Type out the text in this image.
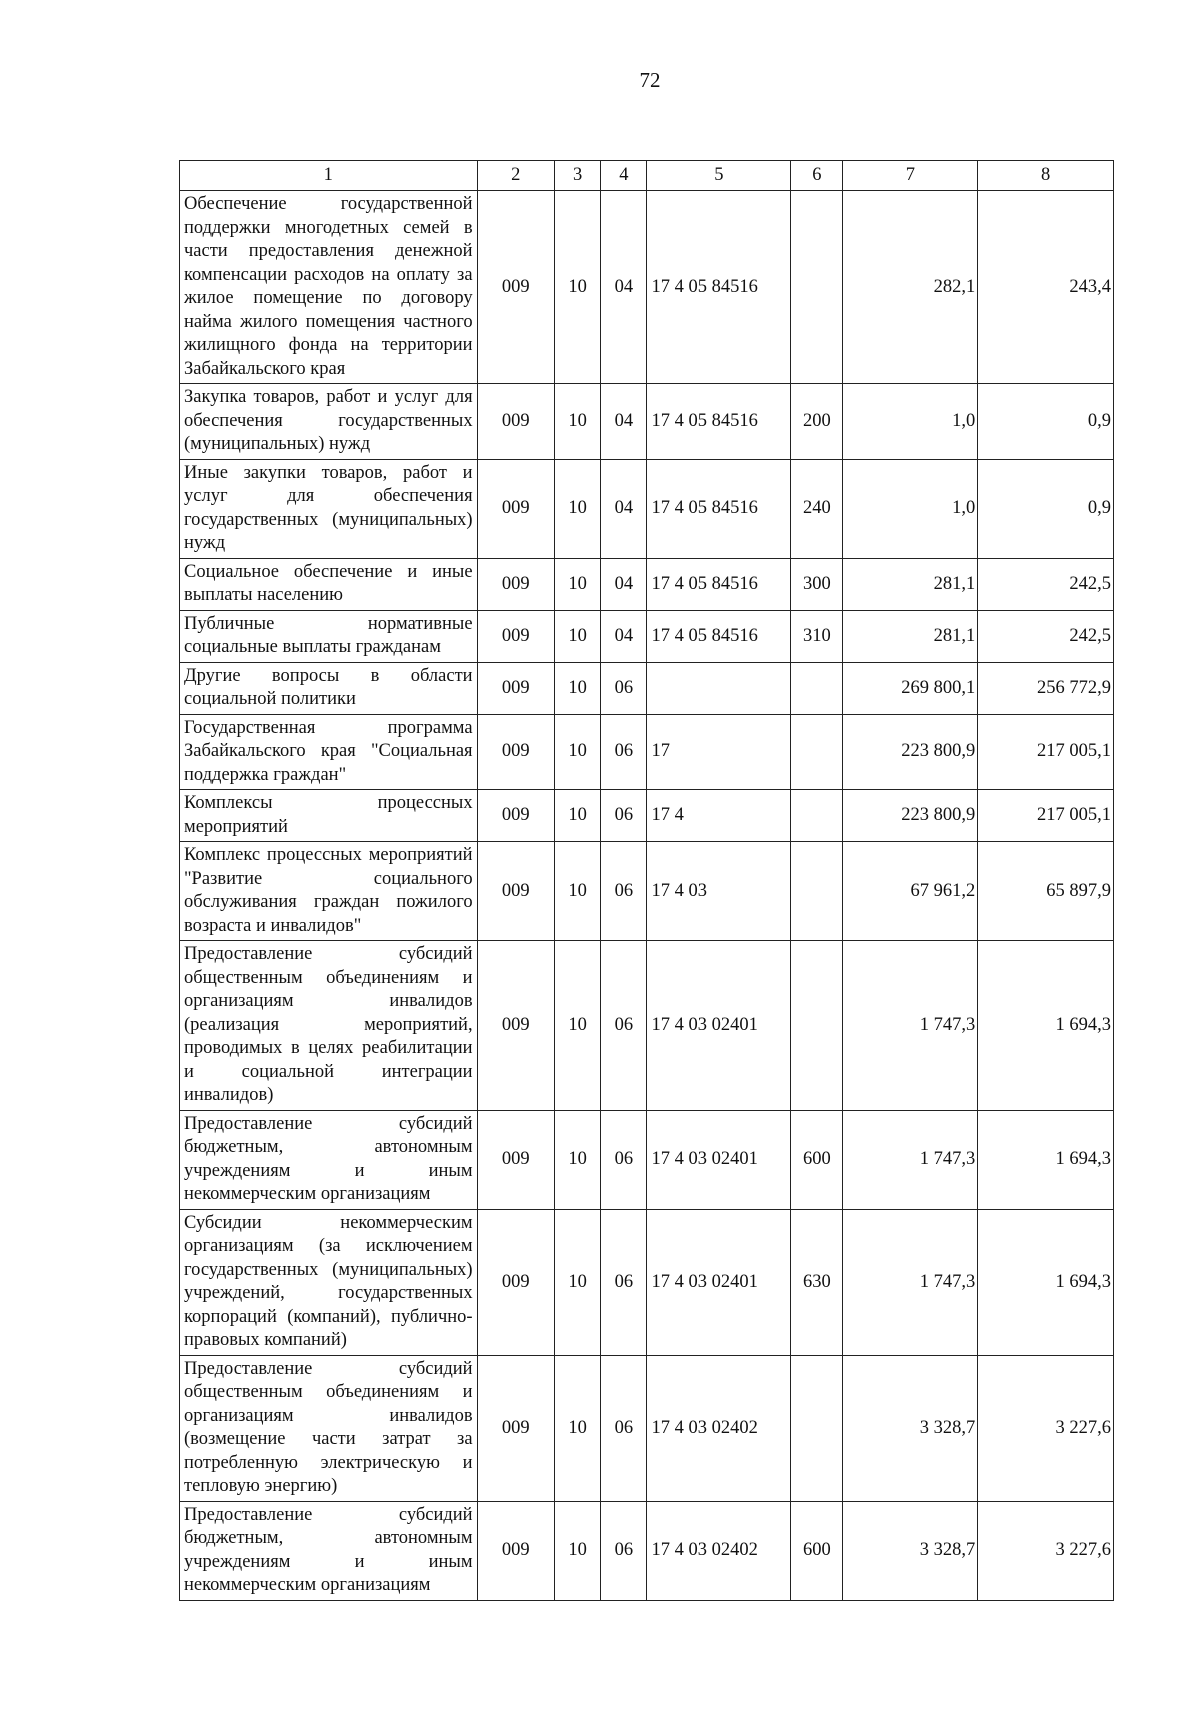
72
1	2	3	4	5	6	7	8
Обеспечение государственной поддержки многодетных семей в части предоставления денежной компенсации расходов на оплату за жилое помещение по договору найма жилого помещения частного жилищного фонда на территории Забайкальского края	009	10	04	17 4 05 84516		282,1	243,4
Закупка товаров, работ и услуг для обеспечения государственных (муниципальных) нужд	009	10	04	17 4 05 84516	200	1,0	0,9
Иные закупки товаров, работ и услуг для обеспечения государственных (муниципальных) нужд	009	10	04	17 4 05 84516	240	1,0	0,9
Социальное обеспечение и иные выплаты населению	009	10	04	17 4 05 84516	300	281,1	242,5
Публичные нормативные социальные выплаты гражданам	009	10	04	17 4 05 84516	310	281,1	242,5
Другие вопросы в области социальной политики	009	10	06			269 800,1	256 772,9
Государственная программа Забайкальского края "Социальная поддержка граждан"	009	10	06	17		223 800,9	217 005,1
Комплексы процессных мероприятий	009	10	06	17 4		223 800,9	217 005,1
Комплекс процессных мероприятий "Развитие социального обслуживания граждан пожилого возраста и инвалидов"	009	10	06	17 4 03		67 961,2	65 897,9
Предоставление субсидий общественным объединениям и организациям инвалидов (реализация мероприятий, проводимых в целях реабилитации и социальной интеграции инвалидов)	009	10	06	17 4 03 02401		1 747,3	1 694,3
Предоставление субсидий бюджетным, автономным учреждениям и иным некоммерческим организациям	009	10	06	17 4 03 02401	600	1 747,3	1 694,3
Субсидии некоммерческим организациям (за исключением государственных (муниципальных) учреждений, государственных корпораций (компаний), публично-правовых компаний)	009	10	06	17 4 03 02401	630	1 747,3	1 694,3
Предоставление субсидий общественным объединениям и организациям инвалидов (возмещение части затрат за потребленную электрическую и тепловую энергию)	009	10	06	17 4 03 02402		3 328,7	3 227,6
Предоставление субсидий бюджетным, автономным учреждениям и иным некоммерческим организациям	009	10	06	17 4 03 02402	600	3 328,7	3 227,6
